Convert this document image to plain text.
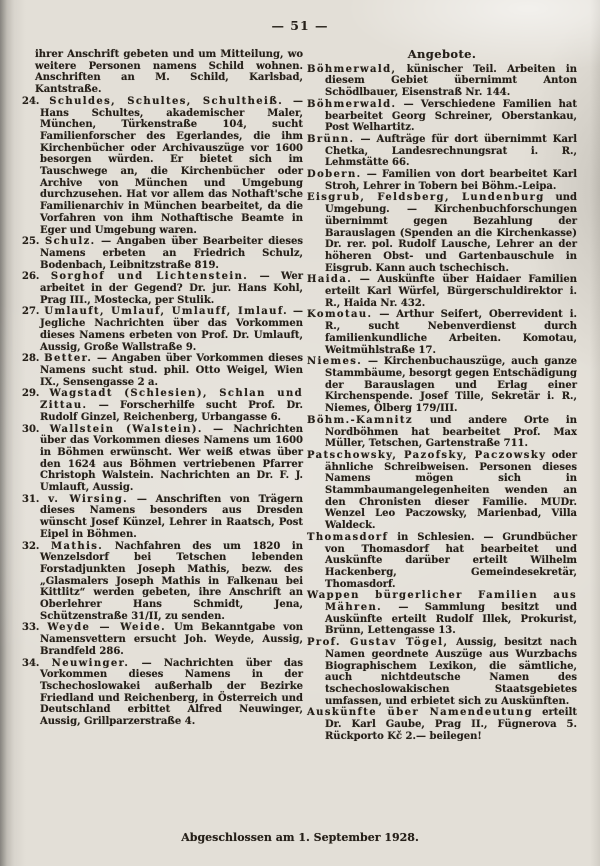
— 51 —

ihrer Anschrift gebeten und um Mitteilung, wo weitere Personen namens Schild wohnen. Anschriften an M. Schild, Karlsbad, Kantstraße.

24. Schuldes, Schultes, Schultheiß. — Hans Schultes, akademischer Maler, München, Türkenstraße 104, sucht Familienforscher des Egerlandes, die ihm Kirchenbücher oder Archivauszüge vor 1600 besorgen würden. Er bietet sich im Tauschwege an, die Kirchenbücher oder Archive von München und Umgebung durchzusehen. Hat vor allem das Nothaft'sche Familienarchiv in München bearbeitet, da die Vorfahren von ihm Nothaftische Beamte in Eger und Umgebung waren.

25. Schulz. — Angaben über Bearbeiter dieses Namens erbeten an Friedrich Schulz, Bodenbach, Leibnitzstraße 819.

26. Sorghof und Lichtenstein. — Wer arbeitet in der Gegend? Dr. jur. Hans Kohl, Prag III., Mostecka, per Stulik.

27. Umlauft, Umlauf, Umlauff, Imlauf. — Jegliche Nachrichten über das Vorkommen dieses Namens erbeten von Prof. Dr. Umlauft, Aussig, Große Wallstraße 9.

28. Better. — Angaben über Vorkommen dieses Namens sucht stud. phil. Otto Weigel, Wien IX., Sensengasse 2 a.

29. Wagstadt (Schlesien), Schlan und Zittau. — Forscherhilfe sucht Prof. Dr. Rudolf Ginzel, Reichenberg, Urbangasse 6.

30. Wallstein (Walstein). — Nachrichten über das Vorkommen dieses Namens um 1600 in Böhmen erwünscht. Wer weiß etwas über den 1624 aus Böhmen vertriebenen Pfarrer Christoph Walstein. Nachrichten an Dr. F. J. Umlauft, Aussig.

31. v. Wirsing. — Anschriften von Trägern dieses Namens besonders aus Dresden wünscht Josef Künzel, Lehrer in Raatsch, Post Eipel in Böhmen.

32. Mathis. Nachfahren des um 1820 in Wenzelsdorf bei Tetschen lebenden Forstadjunkten Joseph Mathis, bezw. des „Glasmalers Joseph Mathis in Falkenau bei Kittlitz“ werden gebeten, ihre Anschrift an Oberlehrer Hans Schmidt, Jena, Schützenstraße 31/II, zu senden.

33. Weyde — Weide. Um Bekanntgabe von Namensvettern ersucht Joh. Weyde, Aussig, Brandfeld 286.

34. Neuwinger. — Nachrichten über das Vorkommen dieses Namens in der Tschechoslowakei außerhalb der Bezirke Friedland und Reichenberg, in Österreich und Deutschland erbittet Alfred Neuwinger, Aussig, Grillparzerstraße 4.

Angebote.

Böhmerwald, künischer Teil. Arbeiten in diesem Gebiet übernimmt Anton Schödlbauer, Eisenstraß Nr. 144.

Böhmerwald. — Verschiedene Familien hat bearbeitet Georg Schreiner, Oberstankau, Post Welhartitz.

Brünn. — Aufträge für dort übernimmt Karl Chetka, Landesrechnungsrat i. R., Lehmstätte 66.

Dobern. — Familien von dort bearbeitet Karl Stroh, Lehrer in Tobern bei Böhm.-Leipa.

Eisgrub, Feldsberg, Lundenburg und Umgebung. — Kirchenbuchforschungen übernimmt gegen Bezahlung der Barauslagen (Spenden an die Kirchenkasse) Dr. rer. pol. Rudolf Lausche, Lehrer an der höheren Obst- und Gartenbauschule in Eisgrub. Kann auch tschechisch.

Haida. — Auskünfte über Haidaer Familien erteilt Karl Würfel, Bürgerschuldirektor i. R., Haida Nr. 432.

Komotau. — Arthur Seifert, Oberrevident i. R., sucht Nebenverdienst durch familienkundliche Arbeiten. Komotau, Weitmühlstraße 17.

Niemes. — Kirchenbuchauszüge, auch ganze Stammbäume, besorgt gegen Entschädigung der Barauslagen und Erlag einer Kirchenspende. Josef Tille, Sekretär i. R., Niemes, Ölberg 179/III.

Böhm.-Kamnitz und andere Orte in Nordböhmen hat bearbeitet Prof. Max Müller, Tetschen, Gartenstraße 711.

Patschowsky, Pazofsky, Paczowsky oder ähnliche Schreibweisen. Personen dieses Namens mögen sich in Stammbaumangelegenheiten wenden an den Chronisten dieser Familie. MUDr. Wenzel Leo Paczowsky, Marienbad, Villa Waldeck.

Thomasdorf in Schlesien. — Grundbücher von Thomasdorf hat bearbeitet und Auskünfte darüber erteilt Wilhelm Hackenberg, Gemeindesekretär, Thomasdorf.

Wappen bürgerlicher Familien aus Mähren. — Sammlung besitzt und Auskünfte erteilt Rudolf Illek, Prokurist, Brünn, Lettengasse 13.

Prof. Gustav Tögel, Aussig, besitzt nach Namen geordnete Auszüge aus Wurzbachs Biographischem Lexikon, die sämtliche, auch nichtdeutsche Namen des tschechoslowakischen Staatsgebietes umfassen, und erbietet sich zu Auskünften.

Auskünfte über Namendeutung erteilt Dr. Karl Gaube, Prag II., Fügnerova 5. Rückporto Kč 2.— beilegen!

Abgeschlossen am 1. September 1928.
